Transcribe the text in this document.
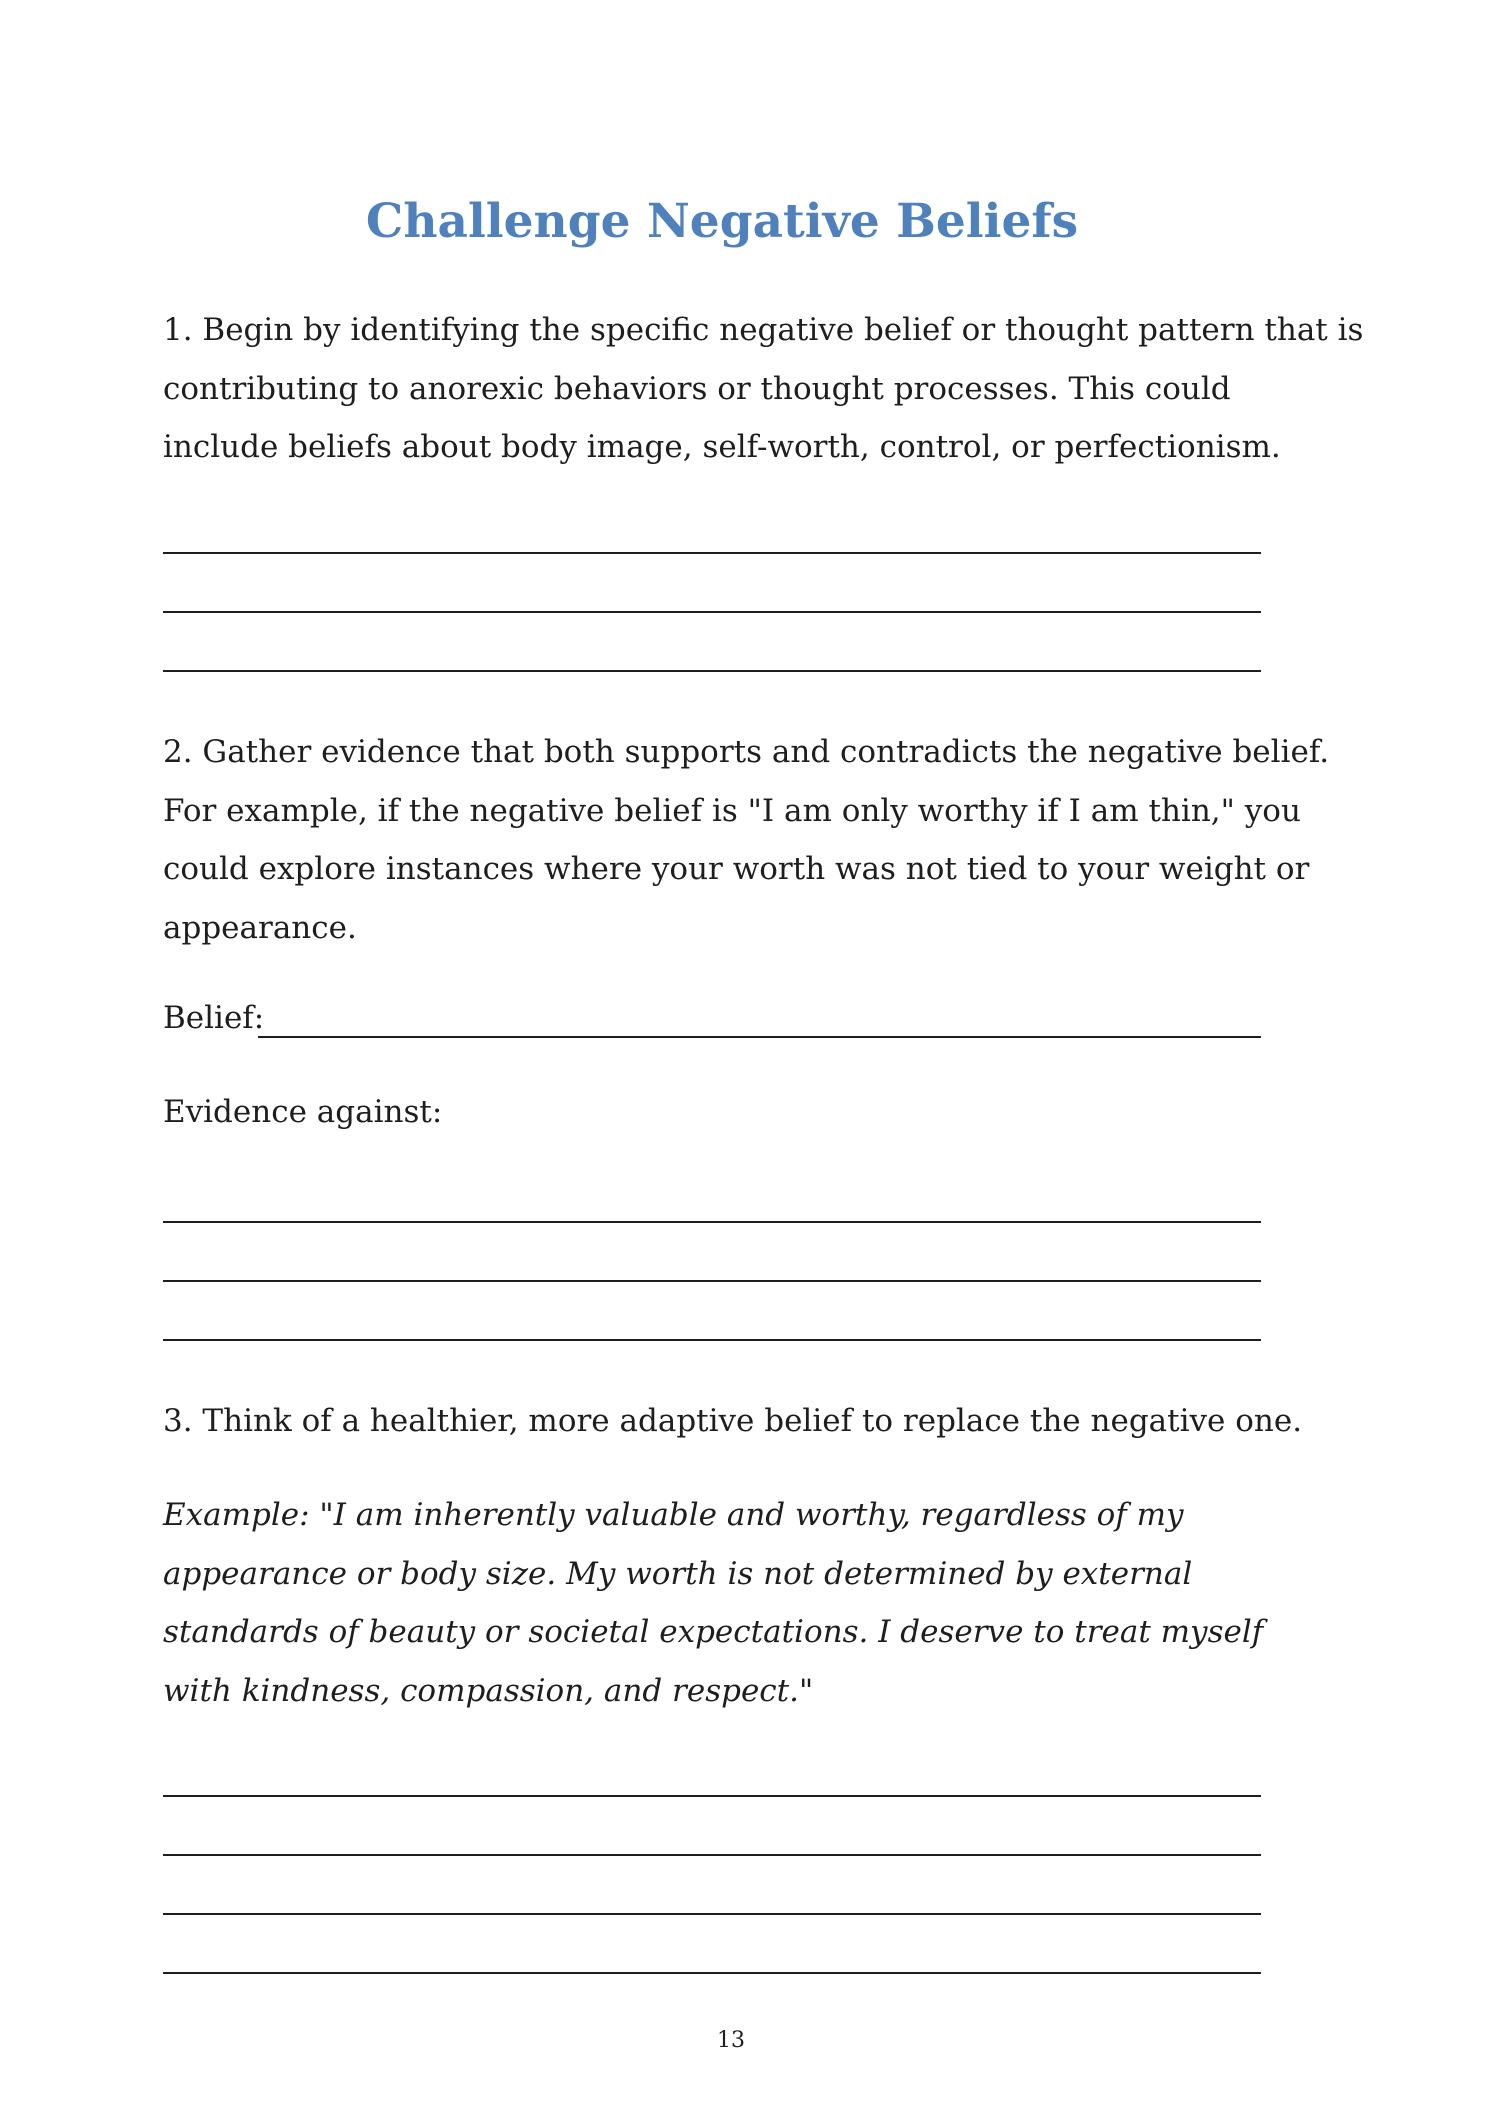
Challenge Negative Beliefs
1. Begin by identifying the specific negative belief or thought pattern that is
contributing to anorexic behaviors or thought processes. This could
include beliefs about body image, self-worth, control, or perfectionism.
2. Gather evidence that both supports and contradicts the negative belief.
For example, if the negative belief is "I am only worthy if I am thin," you
could explore instances where your worth was not tied to your weight or
appearance.
Belief:
Evidence against:
3. Think of a healthier, more adaptive belief to replace the negative one.
Example: "I am inherently valuable and worthy, regardless of my
appearance or body size. My worth is not determined by external
standards of beauty or societal expectations. I deserve to treat myself
with kindness, compassion, and respect."
13
